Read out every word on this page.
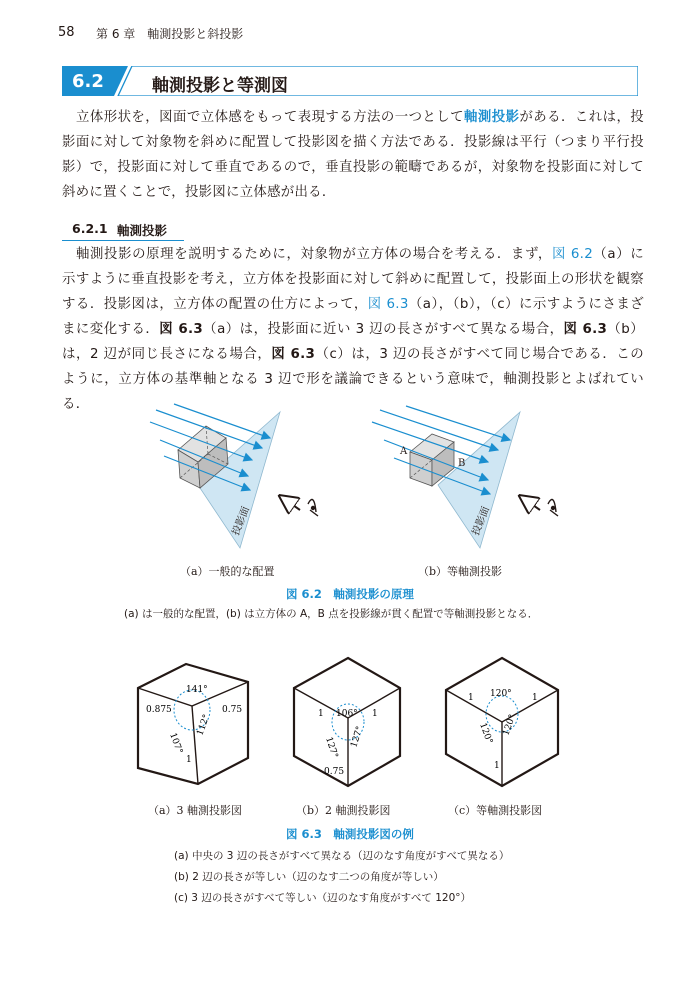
58 第 6 章　軸測投影と斜投影
6.2	軸測投影と等測図

立体形状を，図面で立体感をもって表現する方法の一つとして軸測投影がある．これは，投影面に対して対象物を斜めに配置して投影図を描く方法である．投影線は平行（つまり平行投影）で，投影面に対して垂直であるので，垂直投影の範疇であるが，対象物を投影面に対して斜めに置くことで，投影図に立体感が出る．

6.2.1 軸測投影

軸測投影の原理を説明するために，対象物が立方体の場合を考える．まず，図 6.2（a）に示すように垂直投影を考え，立方体を投影面に対して斜めに配置して，投影面上の形状を観察する．投影図は，立方体の配置の仕方によって，図 6.3（a），（b），（c）に示すようにさまざまに変化する．図 6.3（a）は，投影面に近い 3 辺の長さがすべて異なる場合，図 6.3（b）は，2 辺が同じ長さになる場合，図 6.3（c）は，3 辺の長さがすべて同じ場合である．このように，立方体の基準軸となる 3 辺で形を議論できるという意味で，軸測投影とよばれている．

投影面
A
B
投影面
（a）一般的な配置	（b）等軸測投影
図 6.2　軸測投影の原理
(a) は一般的な配置，(b) は立方体の A，B 点を投影線が貫く配置で等軸測投影となる．
141°
107°
112°
0.875	0.75
1
106°
127° 127°
1	1
0.75
120°
120° 120°
1	1
1
（a）3 軸測投影図	（b）2 軸測投影図	（c）等軸測投影図
図 6.3　軸測投影図の例
(a) 中央の 3 辺の長さがすべて異なる（辺のなす角度がすべて異なる）
(b) 2 辺の長さが等しい（辺のなす二つの角度が等しい）
(c) 3 辺の長さがすべて等しい（辺のなす角度がすべて 120°）
